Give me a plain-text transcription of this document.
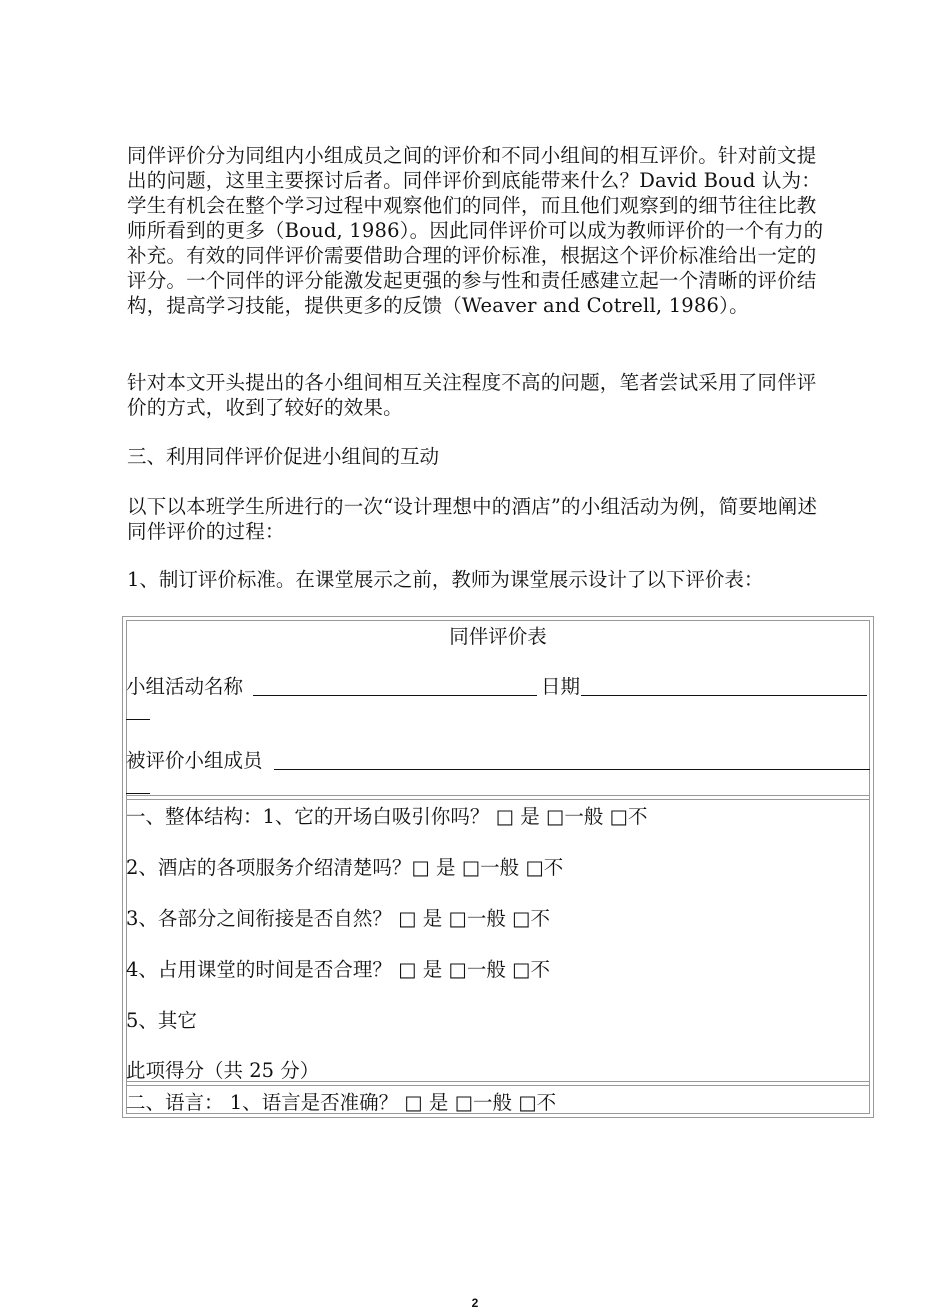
同伴评价分为同组内小组成员之间的评价和不同小组间的相互评价。针对前文提出的问题，这里主要探讨后者。同伴评价到底能带来什么？David Boud 认为：学生有机会在整个学习过程中观察他们的同伴，而且他们观察到的细节往往比教师所看到的更多（Boud, 1986）。因此同伴评价可以成为教师评价的一个有力的补充。有效的同伴评价需要借助合理的评价标准，根据这个评价标准给出一定的评分。一个同伴的评分能激发起更强的参与性和责任感建立起一个清晰的评价结构，提高学习技能，提供更多的反馈（Weaver and Cotrell, 1986）。
针对本文开头提出的各小组间相互关注程度不高的问题，笔者尝试采用了同伴评价的方式，收到了较好的效果。
三、利用同伴评价促进小组间的互动
以下以本班学生所进行的一次“设计理想中的酒店”的小组活动为例，简要地阐述同伴评价的过程：
1、制订评价标准。在课堂展示之前，教师为课堂展示设计了以下评价表：
同伴评价表
小组活动名称	日期
被评价小组成员
一、整体结构：1、它的开场白吸引你吗？ □ 是 □一般 □不
2、酒店的各项服务介绍清楚吗？□ 是 □一般 □不
3、各部分之间衔接是否自然？ □ 是 □一般 □不
4、占用课堂的时间是否合理？ □ 是 □一般 □不
5、其它
此项得分（共 25 分）
二、语言： 1、语言是否准确？ □ 是 □一般 □不
2
